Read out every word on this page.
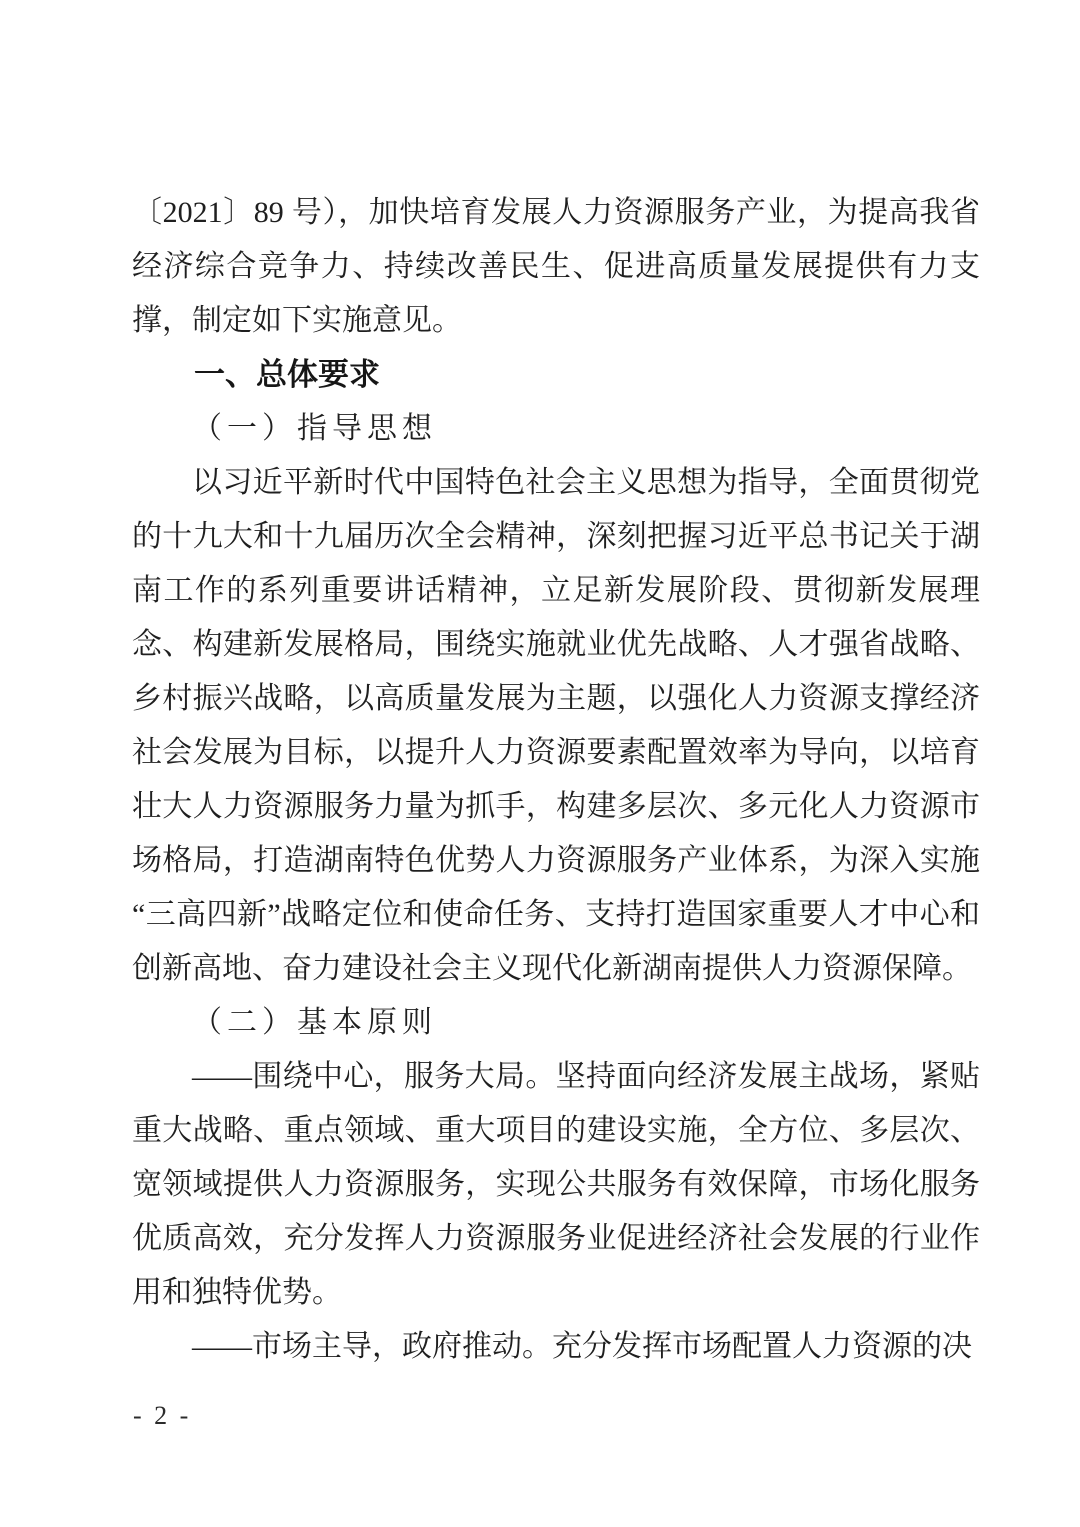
〔2021〕89 号），加快培育发展人力资源服务产业，为提高我省经济综合竞争力、持续改善民生、促进高质量发展提供有力支撑，制定如下实施意见。

一、总体要求
（一）指导思想

以习近平新时代中国特色社会主义思想为指导，全面贯彻党的十九大和十九届历次全会精神，深刻把握习近平总书记关于湖南工作的系列重要讲话精神，立足新发展阶段、贯彻新发展理念、构建新发展格局，围绕实施就业优先战略、人才强省战略、乡村振兴战略，以高质量发展为主题，以强化人力资源支撑经济社会发展为目标，以提升人力资源要素配置效率为导向，以培育壮大人力资源服务力量为抓手，构建多层次、多元化人力资源市场格局，打造湖南特色优势人力资源服务产业体系，为深入实施“三高四新”战略定位和使命任务、支持打造国家重要人才中心和创新高地、奋力建设社会主义现代化新湖南提供人力资源保障。

（二）基本原则

——围绕中心，服务大局。坚持面向经济发展主战场，紧贴重大战略、重点领域、重大项目的建设实施，全方位、多层次、宽领域提供人力资源服务，实现公共服务有效保障，市场化服务优质高效，充分发挥人力资源服务业促进经济社会发展的行业作用和独特优势。

——市场主导，政府推动。充分发挥市场配置人力资源的决

- 2 -
